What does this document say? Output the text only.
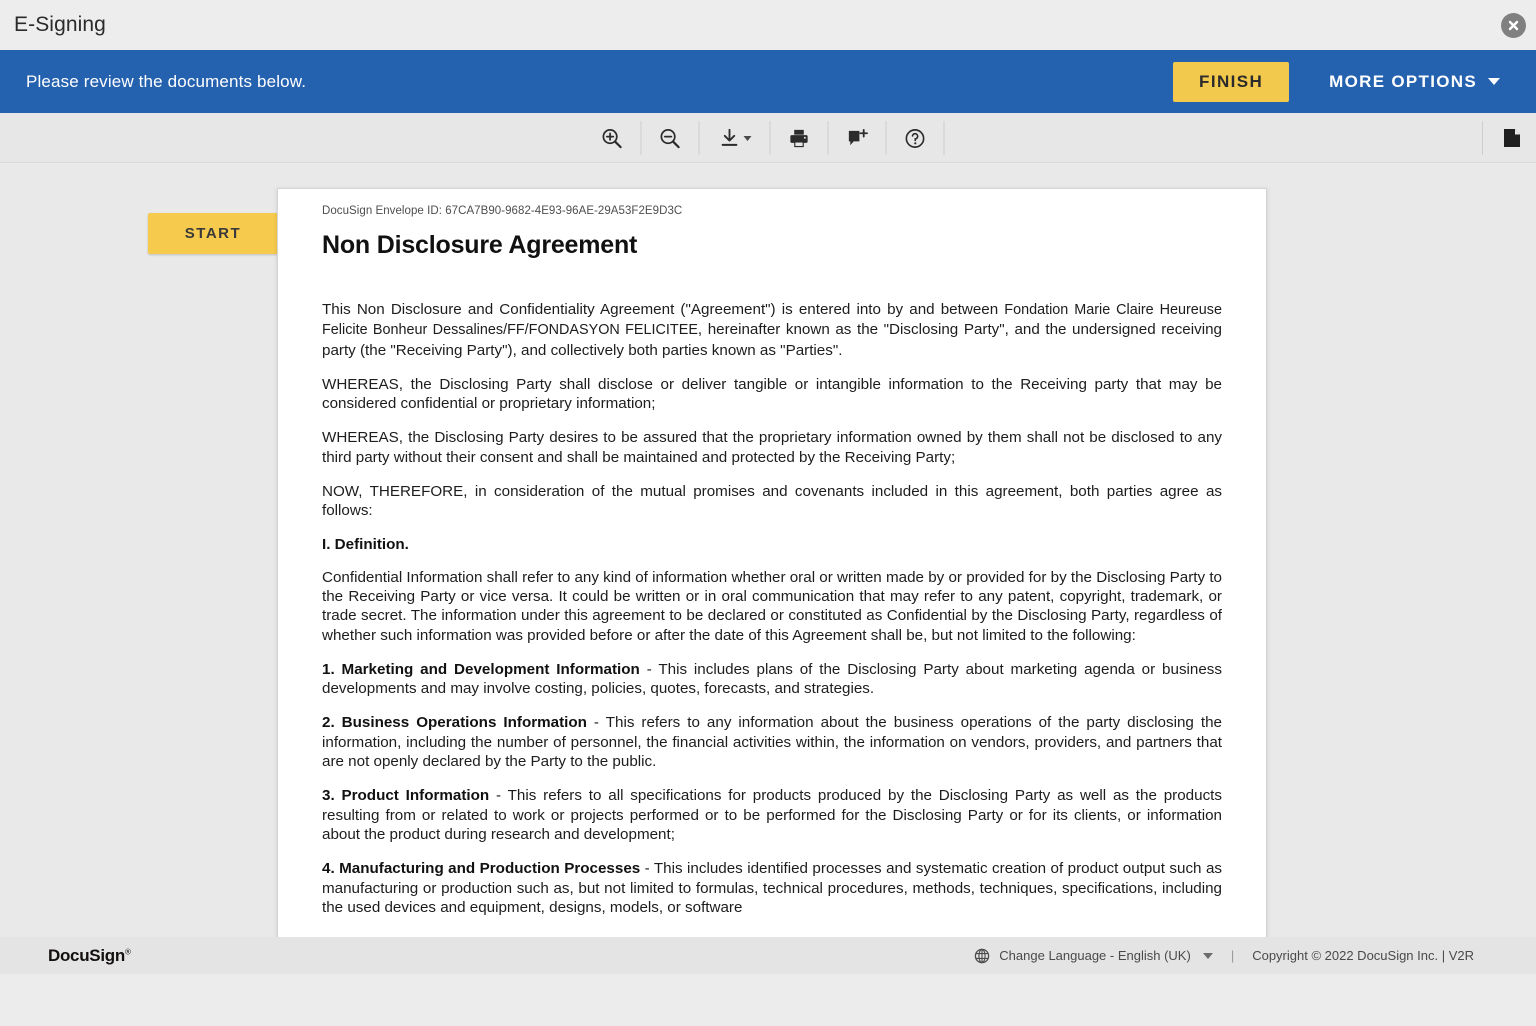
E-Signing
Please review the documents below.	FINISH	MORE OPTIONS
START
DocuSign Envelope ID: 67CA7B90-9682-4E93-96AE-29A53F2E9D3C
Non Disclosure Agreement

This Non Disclosure and Confidentiality Agreement ("Agreement") is entered into by and between Fondation Marie Claire Heureuse Felicite Bonheur Dessalines/FF/FONDASYON FELICITEE, hereinafter known as the "Disclosing Party", and the undersigned receiving party (the "Receiving Party"), and collectively both parties known as "Parties".

WHEREAS, the Disclosing Party shall disclose or deliver tangible or intangible information to the Receiving party that may be considered confidential or proprietary information;

WHEREAS, the Disclosing Party desires to be assured that the proprietary information owned by them shall not be disclosed to any third party without their consent and shall be maintained and protected by the Receiving Party;

NOW, THEREFORE, in consideration of the mutual promises and covenants included in this agreement, both parties agree as follows:

I. Definition.

Confidential Information shall refer to any kind of information whether oral or written made by or provided for by the Disclosing Party to the Receiving Party or vice versa. It could be written or in oral communication that may refer to any patent, copyright, trademark, or trade secret. The information under this agreement to be declared or constituted as Confidential by the Disclosing Party, regardless of whether such information was provided before or after the date of this Agreement shall be, but not limited to the following:

1. Marketing and Development Information - This includes plans of the Disclosing Party about marketing agenda or business developments and may involve costing, policies, quotes, forecasts, and strategies.

2. Business Operations Information - This refers to any information about the business operations of the party disclosing the information, including the number of personnel, the financial activities within, the information on vendors, providers, and partners that are not openly declared by the Party to the public.

3. Product Information - This refers to all specifications for products produced by the Disclosing Party as well as the products resulting from or related to work or projects performed or to be performed for the Disclosing Party or for its clients, or information about the product during research and development;

4. Manufacturing and Production Processes - This includes identified processes and systematic creation of product output such as manufacturing or production such as, but not limited to formulas, technical procedures, methods, techniques, specifications, including the used devices and equipment, designs, models, or software

DocuSign®	Change Language - English (UK)	| Copyright © 2022 DocuSign Inc. | V2R
